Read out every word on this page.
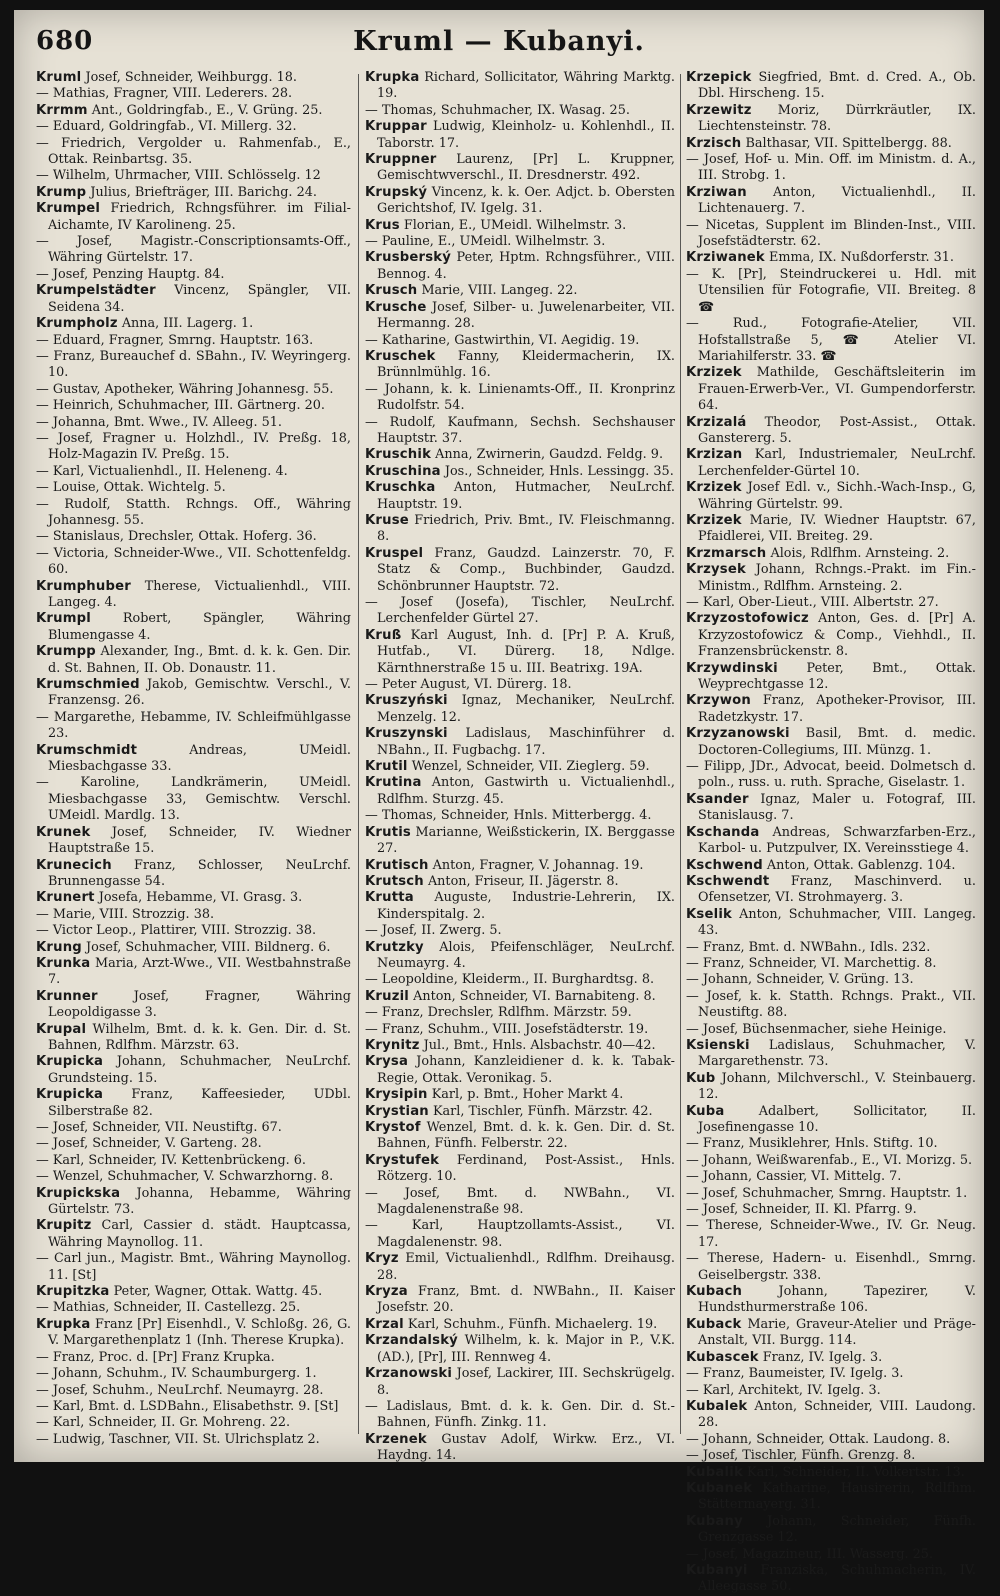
680	Kruml — Kubanyi.

Kruml Josef, Schneider, Weihburgg. 18.

— Mathias, Fragner, VIII. Lederers. 28.

Krrmm Ant., Goldringfab., E., V. Grüng. 25.

— Eduard, Goldringfab., VI. Millerg. 32.

— Friedrich, Vergolder u. Rahmenfab., E., Ottak. Reinbartsg. 35.

— Wilhelm, Uhrmacher, VIII. Schlösselg. 12

Krump Julius, Briefträger, III. Barichg. 24.

Krumpel Friedrich, Rchngsführer. im Filial-Aichamte, IV Karolineng. 25.

— Josef, Magistr.-Conscriptionsamts-Off., Währing Gürtelstr. 17.

— Josef, Penzing Hauptg. 84.

Krumpelstädter Vincenz, Spängler, VII. Seidena 34.

Krumpholz Anna, III. Lagerg. 1.

— Eduard, Fragner, Smrng. Hauptstr. 163.

— Franz, Bureauchef d. SBahn., IV. Weyringerg. 10.

— Gustav, Apotheker, Währing Johannesg. 55.

— Heinrich, Schuhmacher, III. Gärtnerg. 20.

— Johanna, Bmt. Wwe., IV. Alleeg. 51.

— Josef, Fragner u. Holzhdl., IV. Preßg. 18, Holz-Magazin IV. Preßg. 15.

— Karl, Victualienhdl., II. Heleneng. 4.

— Louise, Ottak. Wichtelg. 5.

— Rudolf, Statth. Rchngs. Off., Währing Johannesg. 55.

— Stanislaus, Drechsler, Ottak. Hoferg. 36.

— Victoria, Schneider-Wwe., VII. Schottenfeldg. 60.

Krumphuber Therese, Victualienhdl., VIII. Langeg. 4.

Krumpl Robert, Spängler, Währing Blumengasse 4.

Krumpp Alexander, Ing., Bmt. d. k. k. Gen. Dir. d. St. Bahnen, II. Ob. Donaustr. 11.

Krumschmied Jakob, Gemischtw. Verschl., V. Franzensg. 26.

— Margarethe, Hebamme, IV. Schleifmühlgasse 23.

Krumschmidt Andreas, UMeidl. Miesbachgasse 33.

— Karoline, Landkrämerin, UMeidl. Miesbachgasse 33, Gemischtw. Verschl. UMeidl. Mardlg. 13.

Krunek Josef, Schneider, IV. Wiedner Hauptstraße 15.

Krunecich Franz, Schlosser, NeuLrchf. Brunnengasse 54.

Krunert Josefa, Hebamme, VI. Grasg. 3.

— Marie, VIII. Strozzig. 38.

— Victor Leop., Plattirer, VIII. Strozzig. 38.

Krung Josef, Schuhmacher, VIII. Bildnerg. 6.

Krunka Maria, Arzt-Wwe., VII. Westbahnstraße 7.

Krunner Josef, Fragner, Währing Leopoldigasse 3.

Krupal Wilhelm, Bmt. d. k. k. Gen. Dir. d. St. Bahnen, Rdlfhm. Märzstr. 63.

Krupicka Johann, Schuhmacher, NeuLrchf. Grundsteing. 15.

Krupicka Franz, Kaffeesieder, UDbl. Silberstraße 82.

— Josef, Schneider, VII. Neustiftg. 67.

— Josef, Schneider, V. Garteng. 28.

— Karl, Schneider, IV. Kettenbrückeng. 6.

— Wenzel, Schuhmacher, V. Schwarzhorng. 8.

Krupickska Johanna, Hebamme, Währing Gürtelstr. 73.

Krupitz Carl, Cassier d. städt. Hauptcassa, Währing Maynollog. 11.

— Carl jun., Magistr. Bmt., Währing Maynollog. 11. [St]

Krupitzka Peter, Wagner, Ottak. Wattg. 45.

— Mathias, Schneider, II. Castellezg. 25.

Krupka Franz [Pr] Eisenhdl., V. Schloßg. 26, G. V. Margarethenplatz 1 (Inh. Therese Krupka).

— Franz, Proc. d. [Pr] Franz Krupka.

— Johann, Schuhm., IV. Schaumburgerg. 1.

— Josef, Schuhm., NeuLrchf. Neumayrg. 28.

— Karl, Bmt. d. LSDBahn., Elisabethstr. 9. [St]

— Karl, Schneider, II. Gr. Mohreng. 22.

— Ludwig, Taschner, VII. St. Ulrichsplatz 2.

Krupka Richard, Sollicitator, Währing Marktg. 19.

— Thomas, Schuhmacher, IX. Wasag. 25.

Kruppar Ludwig, Kleinholz- u. Kohlenhdl., II. Taborstr. 17.

Kruppner Laurenz, [Pr] L. Kruppner, Gemischtwverschl., II. Dresdnerstr. 492.

Krupský Vincenz, k. k. Oer. Adjct. b. Obersten Gerichtshof, IV. Igelg. 31.

Krus Florian, E., UMeidl. Wilhelmstr. 3.

— Pauline, E., UMeidl. Wilhelmstr. 3.

Krusberský Peter, Hptm. Rchngsführer., VIII. Bennog. 4.

Krusch Marie, VIII. Langeg. 22.

Krusche Josef, Silber- u. Juwelenarbeiter, VII. Hermanng. 28.

— Katharine, Gastwirthin, VI. Aegidig. 19.

Kruschek Fanny, Kleidermacherin, IX. Brünnlmühlg. 16.

— Johann, k. k. Linienamts-Off., II. Kronprinz Rudolfstr. 54.

— Rudolf, Kaufmann, Sechsh. Sechshauser Hauptstr. 37.

Kruschik Anna, Zwirnerin, Gaudzd. Feldg. 9.

Kruschina Jos., Schneider, Hnls. Lessingg. 35.

Kruschka Anton, Hutmacher, NeuLrchf. Hauptstr. 19.

Kruse Friedrich, Priv. Bmt., IV. Fleischmanng. 8.

Kruspel Franz, Gaudzd. Lainzerstr. 70, F. Statz & Comp., Buchbinder, Gaudzd. Schönbrunner Hauptstr. 72.

— Josef (Josefa), Tischler, NeuLrchf. Lerchenfelder Gürtel 27.

Kruß Karl August, Inh. d. [Pr] P. A. Kruß, Hutfab., VI. Dürerg. 18, Ndlge. Kärnthnerstraße 15 u. III. Beatrixg. 19A.

— Peter August, VI. Dürerg. 18.

Kruszyński Ignaz, Mechaniker, NeuLrchf. Menzelg. 12.

Kruszynski Ladislaus, Maschinführer d. NBahn., II. Fugbachg. 17.

Krutil Wenzel, Schneider, VII. Zieglerg. 59.

Krutina Anton, Gastwirth u. Victualienhdl., Rdlfhm. Sturzg. 45.

— Thomas, Schneider, Hnls. Mitterbergg. 4.

Krutis Marianne, Weißstickerin, IX. Berggasse 27.

Krutisch Anton, Fragner, V. Johannag. 19.

Krutsch Anton, Friseur, II. Jägerstr. 8.

Krutta Auguste, Industrie-Lehrerin, IX. Kinderspitalg. 2.

— Josef, II. Zwerg. 5.

Krutzky Alois, Pfeifenschläger, NeuLrchf. Neumayrg. 4.

— Leopoldine, Kleiderm., II. Burghardtsg. 8.

Kruzil Anton, Schneider, VI. Barnabiteng. 8.

— Franz, Drechsler, Rdlfhm. Märzstr. 59.

— Franz, Schuhm., VIII. Josefstädterstr. 19.

Krynitz Jul., Bmt., Hnls. Alsbachstr. 40—42.

Krysa Johann, Kanzleidiener d. k. k. Tabak-Regie, Ottak. Veronikag. 5.

Krysipin Karl, p. Bmt., Hoher Markt 4.

Krystian Karl, Tischler, Fünfh. Märzstr. 42.

Krystof Wenzel, Bmt. d. k. k. Gen. Dir. d. St. Bahnen, Fünfh. Felberstr. 22.

Krystufek Ferdinand, Post-Assist., Hnls. Rötzerg. 10.

— Josef, Bmt. d. NWBahn., VI. Magdalenenstraße 98.

— Karl, Hauptzollamts-Assist., VI. Magdalenenstr. 98.

Kryz Emil, Victualienhdl., Rdlfhm. Dreihausg. 28.

Kryza Franz, Bmt. d. NWBahn., II. Kaiser Josefstr. 20.

Krzal Karl, Schuhm., Fünfh. Michaelerg. 19.

Krzandalský Wilhelm, k. k. Major in P., V.K. (AD.), [Pr], III. Rennweg 4.

Krzanowski Josef, Lackirer, III. Sechskrügelg. 8.

— Ladislaus, Bmt. d. k. k. Gen. Dir. d. St.-Bahnen, Fünfh. Zinkg. 11.

Krzenek Gustav Adolf, Wirkw. Erz., VI. Haydng. 14.

Krzepick Siegfried, Bmt. d. Cred. A., Ob. Dbl. Hirscheng. 15.

Krzewitz Moriz, Dürrkräutler, IX. Liechtensteinstr. 78.

Krzisch Balthasar, VII. Spittelbergg. 88.

— Josef, Hof- u. Min. Off. im Ministm. d. A., III. Strobg. 1.

Krziwan Anton, Victualienhdl., II. Lichtenauerg. 7.

— Nicetas, Supplent im Blinden-Inst., VIII. Josefstädterstr. 62.

Krziwanek Emma, IX. Nußdorferstr. 31.

— K. [Pr], Steindruckerei u. Hdl. mit Utensilien für Fotografie, VII. Breiteg. 8 ☎

— Rud., Fotografie-Atelier, VII. Hofstallstraße 5, ☎ Atelier VI. Mariahilferstr. 33. ☎

Krzizek Mathilde, Geschäftsleiterin im Frauen-Erwerb-Ver., VI. Gumpendorferstr. 64.

Krzizalá Theodor, Post-Assist., Ottak. Ganstererg. 5.

Krzizan Karl, Industriemaler, NeuLrchf. Lerchenfelder-Gürtel 10.

Krzizek Josef Edl. v., Sichh.-Wach-Insp., G, Währing Gürtelstr. 99.

Krzizek Marie, IV. Wiedner Hauptstr. 67, Pfaidlerei, VII. Breiteg. 29.

Krzmarsch Alois, Rdlfhm. Arnsteing. 2.

Krzysek Johann, Rchngs.-Prakt. im Fin.-Ministm., Rdlfhm. Arnsteing. 2.

— Karl, Ober-Lieut., VIII. Albertstr. 27.

Krzyzostofowicz Anton, Ges. d. [Pr] A. Krzyzostofowicz & Comp., Viehhdl., II. Franzensbrückenstr. 8.

Krzywdinski Peter, Bmt., Ottak. Weyprechtgasse 12.

Krzywon Franz, Apotheker-Provisor, III. Radetzkystr. 17.

Krzyzanowski Basil, Bmt. d. medic. Doctoren-Collegiums, III. Münzg. 1.

— Filipp, JDr., Advocat, beeid. Dolmetsch d. poln., russ. u. ruth. Sprache, Giselastr. 1.

Ksander Ignaz, Maler u. Fotograf, III. Stanislausg. 7.

Kschanda Andreas, Schwarzfarben-Erz., Karbol- u. Putzpulver, IX. Vereinsstiege 4.

Kschwend Anton, Ottak. Gablenzg. 104.

Kschwendt Franz, Maschinverd. u. Ofensetzer, VI. Strohmayerg. 3.

Kselik Anton, Schuhmacher, VIII. Langeg. 43.

— Franz, Bmt. d. NWBahn., Idls. 232.

— Franz, Schneider, VI. Marchettig. 8.

— Johann, Schneider, V. Grüng. 13.

— Josef, k. k. Statth. Rchngs. Prakt., VII. Neustiftg. 88.

— Josef, Büchsenmacher, siehe Heinige.

Ksienski Ladislaus, Schuhmacher, V. Margarethenstr. 73.

Kub Johann, Milchverschl., V. Steinbauerg. 12.

Kuba Adalbert, Sollicitator, II. Josefinengasse 10.

— Franz, Musiklehrer, Hnls. Stiftg. 10.

— Johann, Weißwarenfab., E., VI. Morizg. 5.

— Johann, Cassier, VI. Mittelg. 7.

— Josef, Schuhmacher, Smrng. Hauptstr. 1.

— Josef, Schneider, II. Kl. Pfarrg. 9.

— Therese, Schneider-Wwe., IV. Gr. Neug. 17.

— Therese, Hadern- u. Eisenhdl., Smrng. Geiselbergstr. 338.

Kubach Johann, Tapezirer, V. Hundsthurmerstraße 106.

Kuback Marie, Graveur-Atelier und Präge-Anstalt, VII. Burgg. 114.

Kubascek Franz, IV. Igelg. 3.

— Franz, Baumeister, IV. Igelg. 3.

— Karl, Architekt, IV. Igelg. 3.

Kubalek Anton, Schneider, VIII. Laudong. 28.

— Johann, Schneider, Ottak. Laudong. 8.

— Josef, Tischler, Fünfh. Grenzg. 8.

Kubalik Karl, Schneider, II. Volkertstr. 13.

Kubanek Katharine, Hausirerin, Rdlfhm. Stättermayerg. 31.

Kubany Johann, Schneider, Fünfh. Grenzgasse 12.

— Josef, Magazineur, III. Wasserg. 25.

Kubanyi Franziska, Schuhmacherin, IV. Alleegasse 50.
